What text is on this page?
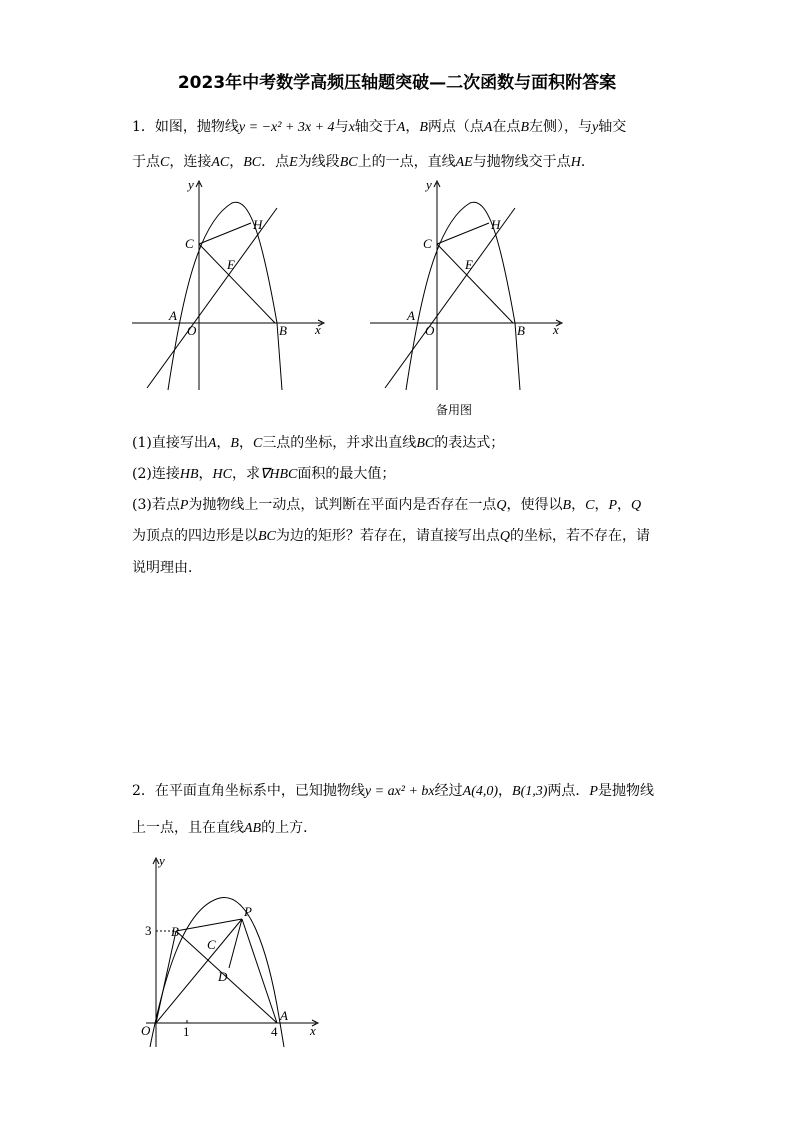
2023年中考数学高频压轴题突破—二次函数与面积附答案
1．如图，抛物线y = −x² + 3x + 4与x轴交于A，B两点（点A在点B左侧），与y轴交
于点C，连接AC，BC．点E为线段BC上的一点，直线AE与抛物线交于点H．
y
x
C
H
E
A
O	B
y
x
C
H
E
A
O	B
备用图
(1)直接写出A，B，C三点的坐标，并求出直线BC的表达式；
(2)连接HB，HC，求∇HBC面积的最大值；
(3)若点P为抛物线上一动点，试判断在平面内是否存在一点Q，使得以B，C，P，Q
为顶点的四边形是以BC为边的矩形？若存在，请直接写出点Q的坐标，若不存在，请
说明理由．
2．在平面直角坐标系中，已知抛物线y = ax² + bx经过A(4,0)，B(1,3)两点．P是抛物线
上一点，且在直线AB的上方．
y
x
P
B
C
D
O
A
3
1	4
